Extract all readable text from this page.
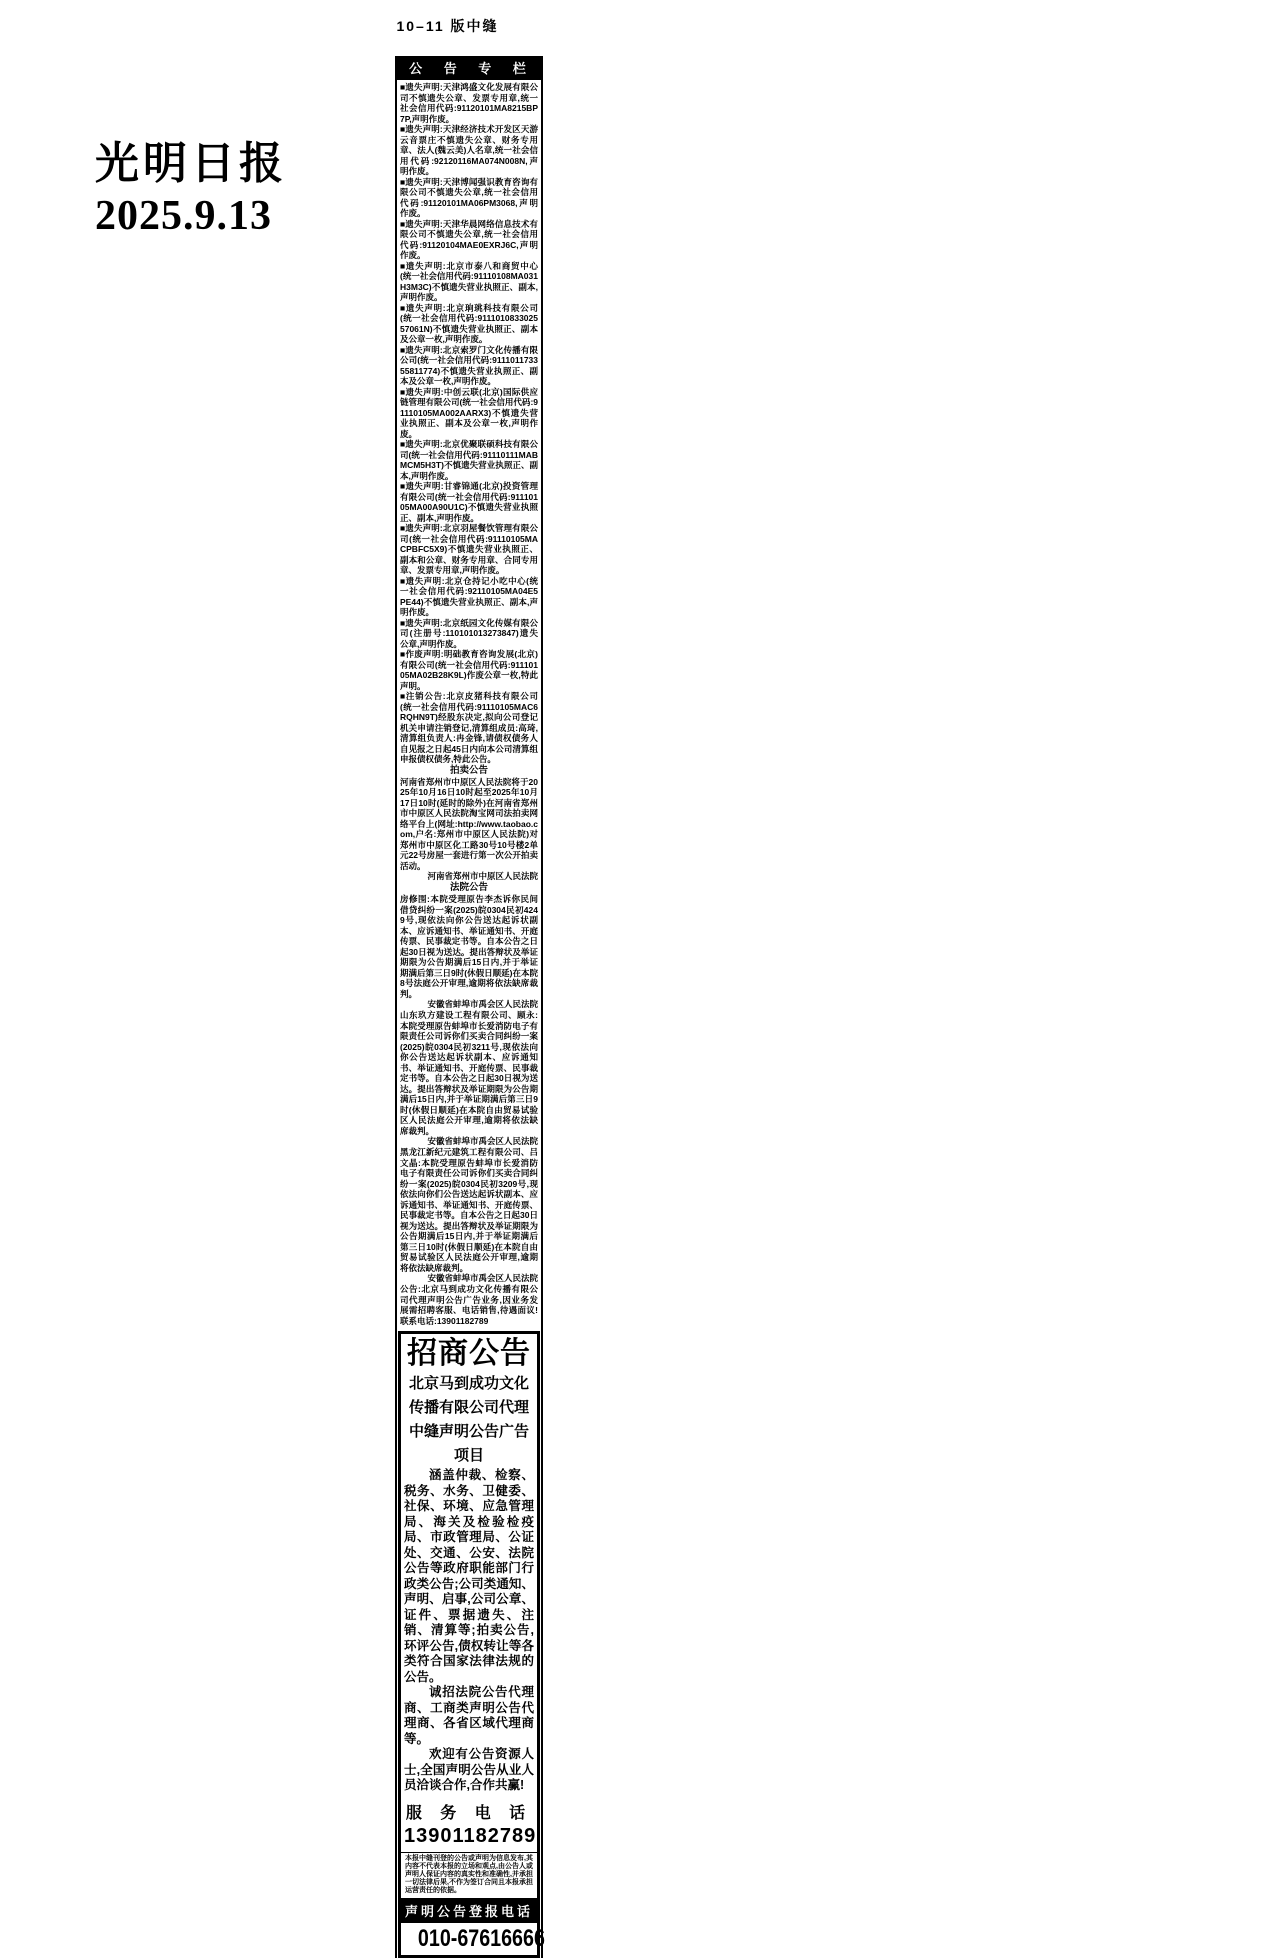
10–11 版中缝
光明日报
2025.9.13
公 告 专 栏

■遗失声明:天津鸿盛文化发展有限公司不慎遗失公章、发票专用章,统一社会信用代码:91120101MA8215BP7P,声明作废。

■遗失声明:天津经济技术开发区天游云音票庄不慎遗失公章、财务专用章、法人(魏云美)人名章,统一社会信用代码:92120116MA074N008N,声明作废。

■遗失声明:天津博闻强识教育咨询有限公司不慎遗失公章,统一社会信用代码:91120101MA06PM3068,声明作废。

■遗失声明:天津华晨网络信息技术有限公司不慎遗失公章,统一社会信用代码:91120104MAE0EXRJ6C,声明作废。

■遗失声明:北京市泰八和商贸中心(统一社会信用代码:91110108MA031H3M3C)不慎遗失营业执照正、副本,声明作废。

■遗失声明:北京珦珧科技有限公司(统一社会信用代码:911101083302557061N)不慎遗失营业执照正、副本及公章一枚,声明作废。

■遗失声明:北京索罗门文化传播有限公司(统一社会信用代码:911101173355811774)不慎遗失营业执照正、副本及公章一枚,声明作废。

■遗失声明:中创云联(北京)国际供应链管理有限公司(统一社会信用代码:91110105MA002AARX3)不慎遗失营业执照正、副本及公章一枚,声明作废。

■遗失声明:北京优聚联硕科技有限公司(统一社会信用代码:91110111MABMCM5H3T)不慎遗失营业执照正、副本,声明作废。

■遗失声明:甘睿锦通(北京)投资管理有限公司(统一社会信用代码:91110105MA00A90U1C)不慎遗失营业执照正、副本,声明作废。

■遗失声明:北京羽屋餐饮管理有限公司(统一社会信用代码:91110105MACPBFC5X9)不慎遗失营业执照正、副本和公章、财务专用章、合同专用章、发票专用章,声明作废。

■遗失声明:北京仓持记小吃中心(统一社会信用代码:92110105MA04E5PE44)不慎遗失营业执照正、副本,声明作废。

■遗失声明:北京纸园文化传媒有限公司(注册号:110101013273847)遗失公章,声明作废。

■作废声明:明础教育咨询发展(北京)有限公司(统一社会信用代码:91110105MA02B28K9L)作废公章一枚,特此声明。

■注销公告:北京皮猪科技有限公司(统一社会信用代码:91110105MAC6RQHN9T)经股东决定,拟向公司登记机关申请注销登记,清算组成员:高琦,清算组负责人:冉金锋,请债权债务人自见报之日起45日内向本公司清算组申报债权债务,特此公告。

拍卖公告

河南省郑州市中原区人民法院将于2025年10月16日10时起至2025年10月17日10时(延时的除外)在河南省郑州市中原区人民法院淘宝网司法拍卖网络平台上(网址:http://www.taobao.com,户名:郑州市中原区人民法院)对郑州市中原区化工路30号10号楼2单元22号房屋一套进行第一次公开拍卖活动。

河南省郑州市中原区人民法院
法院公告

房修围:本院受理原告李杰诉你民间借贷纠纷一案(2025)皖0304民初4249号,现依法向你公告送达起诉状副本、应诉通知书、举证通知书、开庭传票、民事裁定书等。自本公告之日起30日视为送达。提出答辩状及举证期限为公告期满后15日内,并于举证期满后第三日9时(休假日顺延)在本院8号法庭公开审理,逾期将依法缺席裁判。

安徽省蚌埠市禹会区人民法院

山东玖方建设工程有限公司、顾永:本院受理原告蚌埠市长爱消防电子有限责任公司诉你们买卖合同纠纷一案(2025)皖0304民初3211号,现依法向你公告送达起诉状副本、应诉通知书、举证通知书、开庭传票、民事裁定书等。自本公告之日起30日视为送达。提出答辩状及举证期限为公告期满后15日内,并于举证期满后第三日9时(休假日顺延)在本院自由贸易试验区人民法庭公开审理,逾期将依法缺席裁判。

安徽省蚌埠市禹会区人民法院

黑龙江新纪元建筑工程有限公司、吕文晶:本院受理原告蚌埠市长爱消防电子有限责任公司诉你们买卖合同纠纷一案(2025)皖0304民初3209号,现依法向你们公告送达起诉状副本、应诉通知书、举证通知书、开庭传票、民事裁定书等。自本公告之日起30日视为送达。提出答辩状及举证期限为公告期满后15日内,并于举证期满后第三日10时(休假日顺延)在本院自由贸易试验区人民法庭公开审理,逾期将依法缺席裁判。

安徽省蚌埠市禹会区人民法院

公告:北京马到成功文化传播有限公司代理声明公告广告业务,因业务发展需招聘客服、电话销售,待遇面议! 联系电话:13901182789

招商公告
北京马到成功文化传播有限公司代理中缝声明公告广告项目

涵盖仲裁、检察、税务、水务、卫健委、社保、环境、应急管理局、海关及检验检疫局、市政管理局、公证处、交通、公安、法院公告等政府职能部门行政类公告;公司类通知、声明、启事,公司公章、证件、票据遗失、注销、清算等;拍卖公告,环评公告,债权转让等各类符合国家法律法规的公告。

诚招法院公告代理商、工商类声明公告代理商、各省区域代理商等。

欢迎有公告资源人士,全国声明公告从业人员洽谈合作,合作共赢!

服 务 电 话
13901182789
本报中缝刊登的公告或声明为信息发布,其内容不代表本报的立场和观点,由公告人或声明人保证内容的真实性和准确性,并承担一切法律后果,不作为签订合同且本报承担运营责任的依据。
声明公告登报电话
010-67616666
